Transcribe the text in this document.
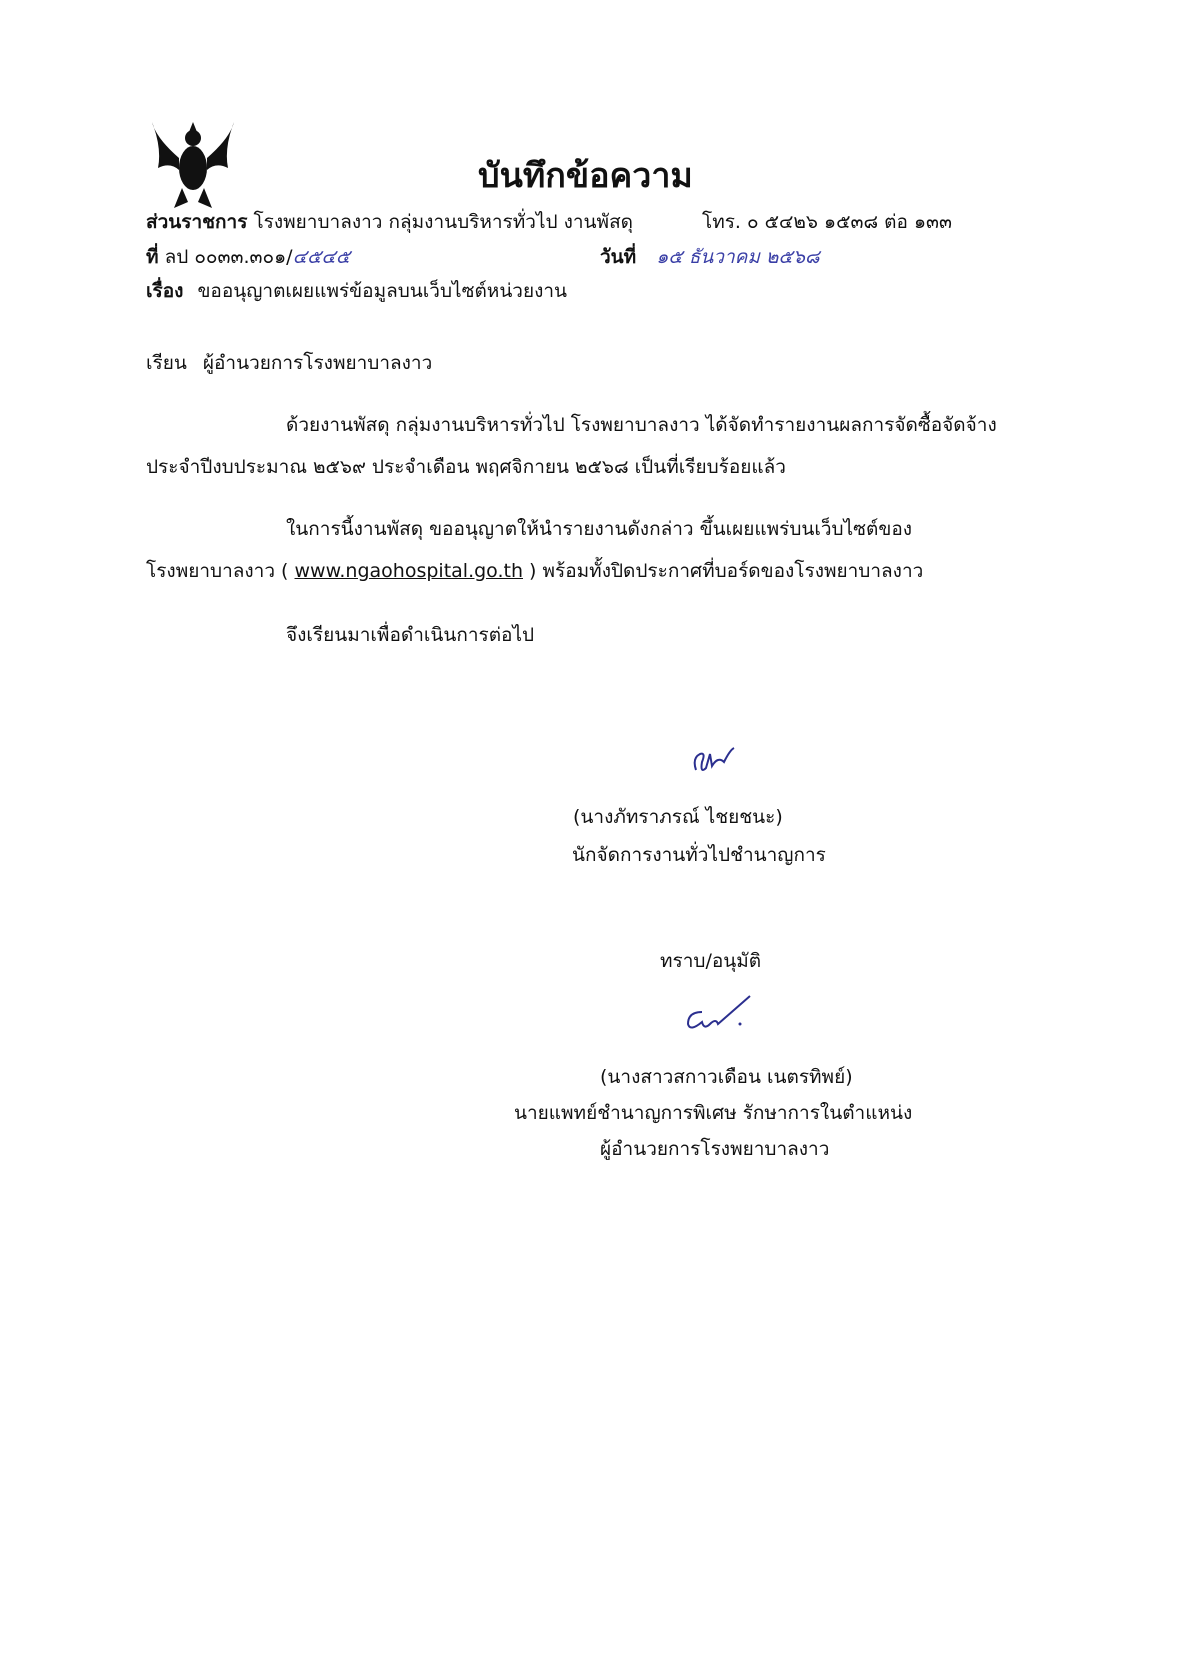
บันทึกข้อความ
ส่วนราชการ โรงพยาบาลงาว กลุ่มงานบริหารทั่วไป งานพัสดุ	โทร. ๐ ๕๔๒๖ ๑๕๓๘ ต่อ ๑๓๓
ที่ ลป ๐๐๓๓.๓๐๑/๔๕๔๕	วันที่ ๑๕ ธันวาคม ๒๕๖๘
เรื่อง ขออนุญาตเผยแพร่ข้อมูลบนเว็บไซต์หน่วยงาน
เรียน ผู้อำนวยการโรงพยาบาลงาว
ด้วยงานพัสดุ กลุ่มงานบริหารทั่วไป โรงพยาบาลงาว ได้จัดทำรายงานผลการจัดซื้อจัดจ้าง
ประจำปีงบประมาณ ๒๕๖๙ ประจำเดือน พฤศจิกายน ๒๕๖๘ เป็นที่เรียบร้อยแล้ว
ในการนี้งานพัสดุ ขออนุญาตให้นำรายงานดังกล่าว ขึ้นเผยแพร่บนเว็บไซต์ของ
โรงพยาบาลงาว ( www.ngaohospital.go.th ) พร้อมทั้งปิดประกาศที่บอร์ดของโรงพยาบาลงาว
จึงเรียนมาเพื่อดำเนินการต่อไป
(นางภัทราภรณ์ ไชยชนะ)
นักจัดการงานทั่วไปชำนาญการ
ทราบ/อนุมัติ
(นางสาวสกาวเดือน เนตรทิพย์)
นายแพทย์ชำนาญการพิเศษ รักษาการในตำแหน่ง
ผู้อำนวยการโรงพยาบาลงาว
